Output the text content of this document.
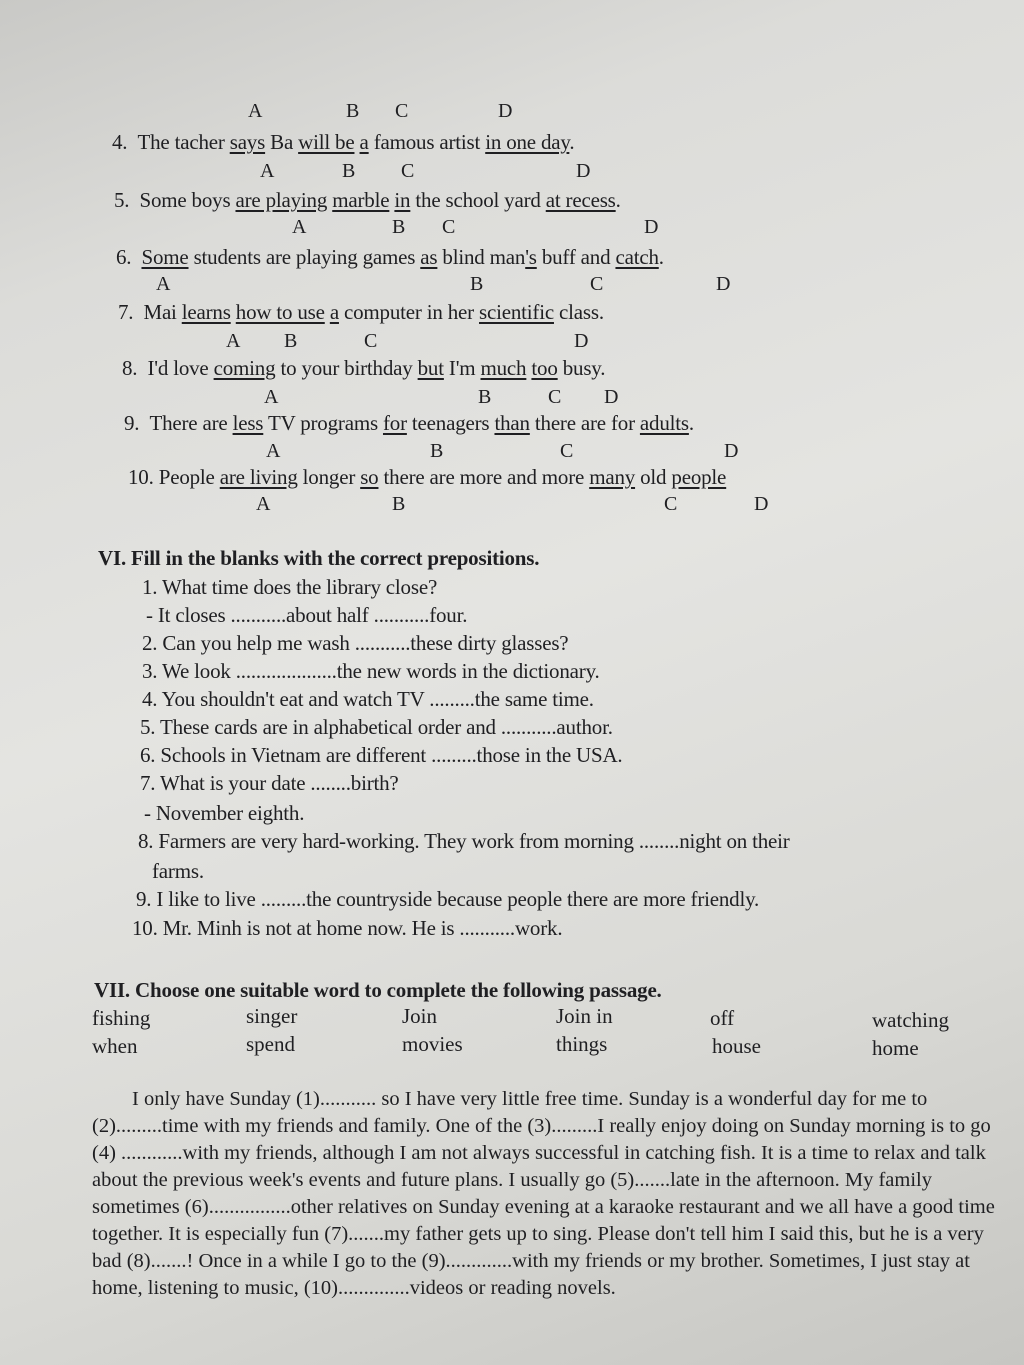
A	B C	D
4. The tacher says Ba will be a famous artist in one day.
A	B C	D
5. Some boys are playing marble in the school yard at recess.
A	B C	D
6. Some students are playing games as blind man's buff and catch.
A	B	C	D
7. Mai learns how to use a computer in her scientific class.
A B	C	D
8. I'd love coming to your birthday but I'm much too busy.
A	B	C D
9. There are less TV programs for teenagers than there are for adults.
A	B	C	D
10. People are living longer so there are more and more many old people
A	B	C	D
VI. Fill in the blanks with the correct prepositions.
1. What time does the library close?
- It closes ...........about half ...........four.
2. Can you help me wash ...........these dirty glasses?
3. We look ....................the new words in the dictionary.
4. You shouldn't eat and watch TV .........the same time.
5. These cards are in alphabetical order and ...........author.
6. Schools in Vietnam are different .........those in the USA.
7. What is your date ........birth?
- November eighth.
8. Farmers are very hard-working. They work from morning ........night on their
farms.
9. I like to live .........the countryside because people there are more friendly.
10. Mr. Minh is not at home now. He is ...........work.
VII. Choose one suitable word to complete the following passage.
fishing	singer	Join	Join in	off	watching
when	spend	movies	things	house	home

I only have Sunday (1)........... so I have very little free time. Sunday is a wonderful day for me to (2).........time with my friends and family. One of the (3).........I really enjoy doing on Sunday morning is to go (4) ............with my friends, although I am not always successful in catching fish. It is a time to relax and talk about the previous week's events and future plans. I usually go (5).......late in the afternoon. My family sometimes (6)................other relatives on Sunday evening at a karaoke restaurant and we all have a good time together. It is especially fun (7).......my father gets up to sing. Please don't tell him I said this, but he is a very bad (8).......! Once in a while I go to the (9).............with my friends or my brother. Sometimes, I just stay at home, listening to music, (10)..............videos or reading novels.
